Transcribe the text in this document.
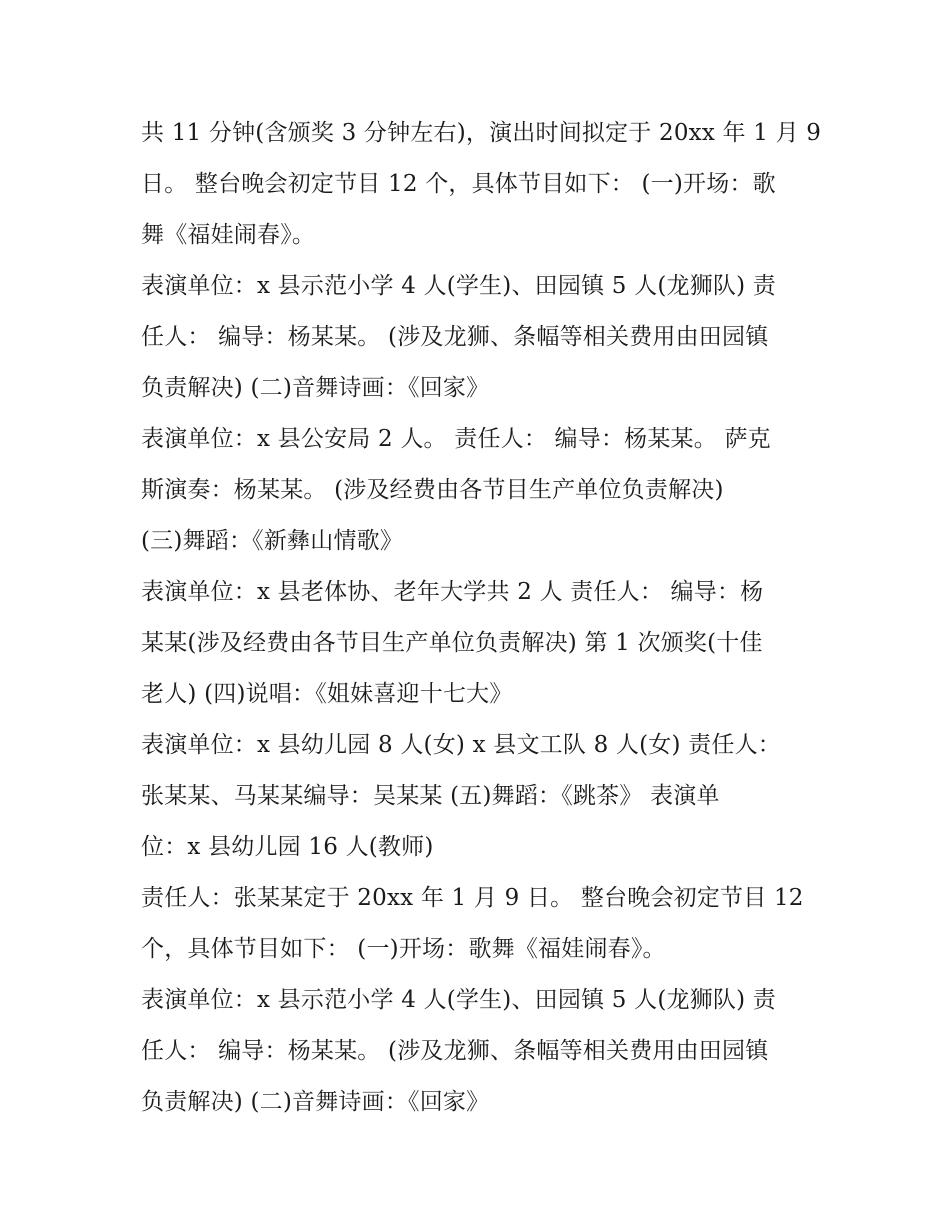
共 11 分钟(含颁奖 3 分钟左右)，演出时间拟定于 20xx 年 1 月 9
日。 整台晚会初定节目 12 个，具体节目如下： (一)开场：歌
舞《福娃闹春》。
表演单位：x 县示范小学 4 人(学生)、田园镇 5 人(龙狮队) 责
任人： 编导：杨某某。 (涉及龙狮、条幅等相关费用由田园镇
负责解决) (二)音舞诗画：《回家》
表演单位：x 县公安局 2 人。 责任人： 编导：杨某某。 萨克
斯演奏：杨某某。 (涉及经费由各节目生产单位负责解决)
(三)舞蹈：《新彝山情歌》
表演单位：x 县老体协、老年大学共 2 人 责任人： 编导：杨
某某(涉及经费由各节目生产单位负责解决) 第 1 次颁奖(十佳
老人) (四)说唱：《姐妹喜迎十七大》
表演单位：x 县幼儿园 8 人(女) x 县文工队 8 人(女) 责任人：
张某某、马某某编导：吴某某 (五)舞蹈：《跳茶》 表演单
位：x 县幼儿园 16 人(教师)
责任人：张某某定于 20xx 年 1 月 9 日。 整台晚会初定节目 12
个，具体节目如下： (一)开场：歌舞《福娃闹春》。
表演单位：x 县示范小学 4 人(学生)、田园镇 5 人(龙狮队) 责
任人： 编导：杨某某。 (涉及龙狮、条幅等相关费用由田园镇
负责解决) (二)音舞诗画：《回家》
